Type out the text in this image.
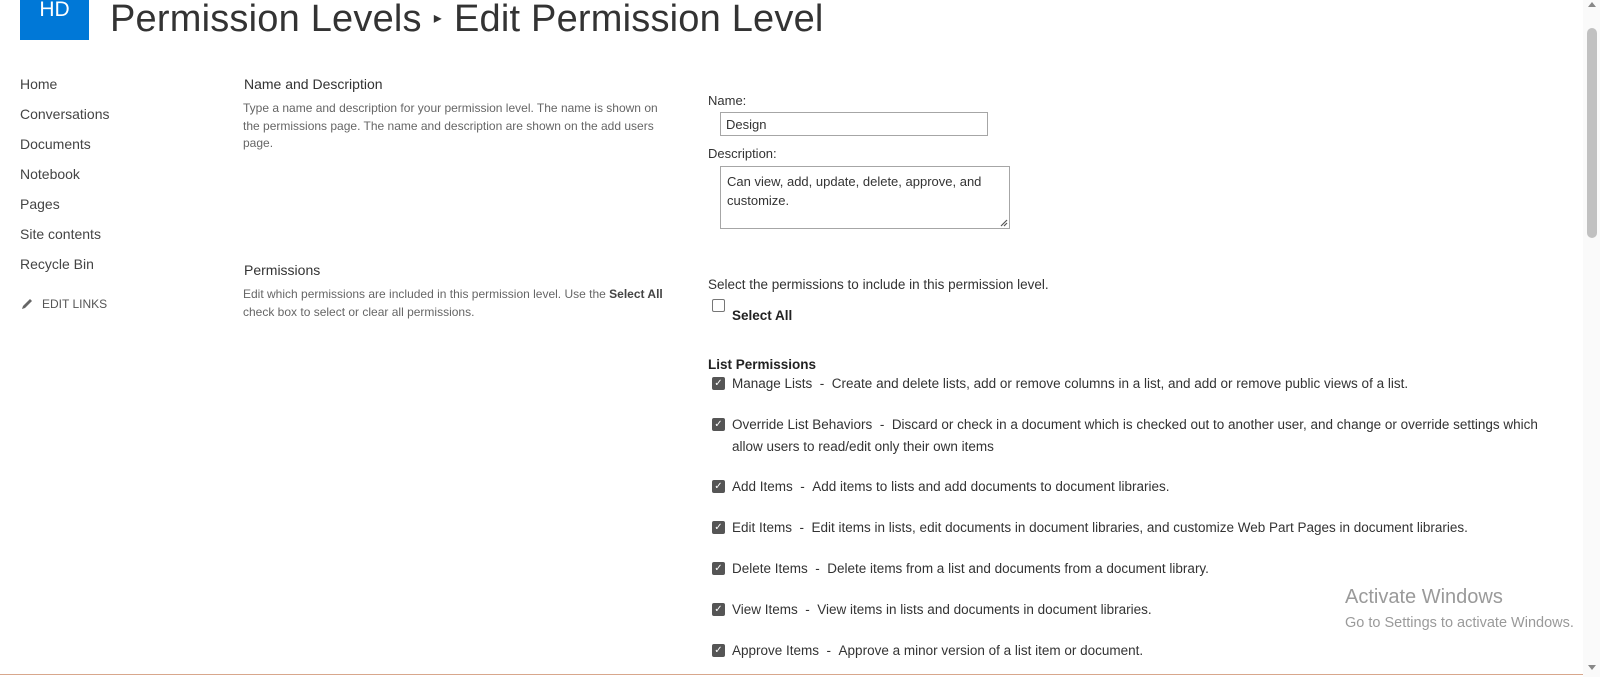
HD Permission Levels ▸ Edit Permission Level
Home
Conversations
Documents
Notebook
Pages
Site contents
Recycle Bin
EDIT LINKS
Name and Description
Type a name and description for your permission level. The name is shown on the permissions page. The name and description are shown on the add users page.
Name:
Design
Description:
Can view, add, update, delete, approve, and customize.
Permissions
Edit which permissions are included in this permission level. Use the Select All check box to select or clear all permissions.
Select the permissions to include in this permission level.
Select All
List Permissions
✓ Manage Lists  -  Create and delete lists, add or remove columns in a list, and add or remove public views of a list.
✓ Override List Behaviors  -  Discard or check in a document which is checked out to another user, and change or override settings which allow users to read/edit only their own items
✓ Add Items  -  Add items to lists and add documents to document libraries.
✓ Edit Items  -  Edit items in lists, edit documents in document libraries, and customize Web Part Pages in document libraries.
✓ Delete Items  -  Delete items from a list and documents from a document library.
✓ View Items  -  View items in lists and documents in document libraries.
✓ Approve Items  -  Approve a minor version of a list item or document.
Activate Windows
Go to Settings to activate Windows.
